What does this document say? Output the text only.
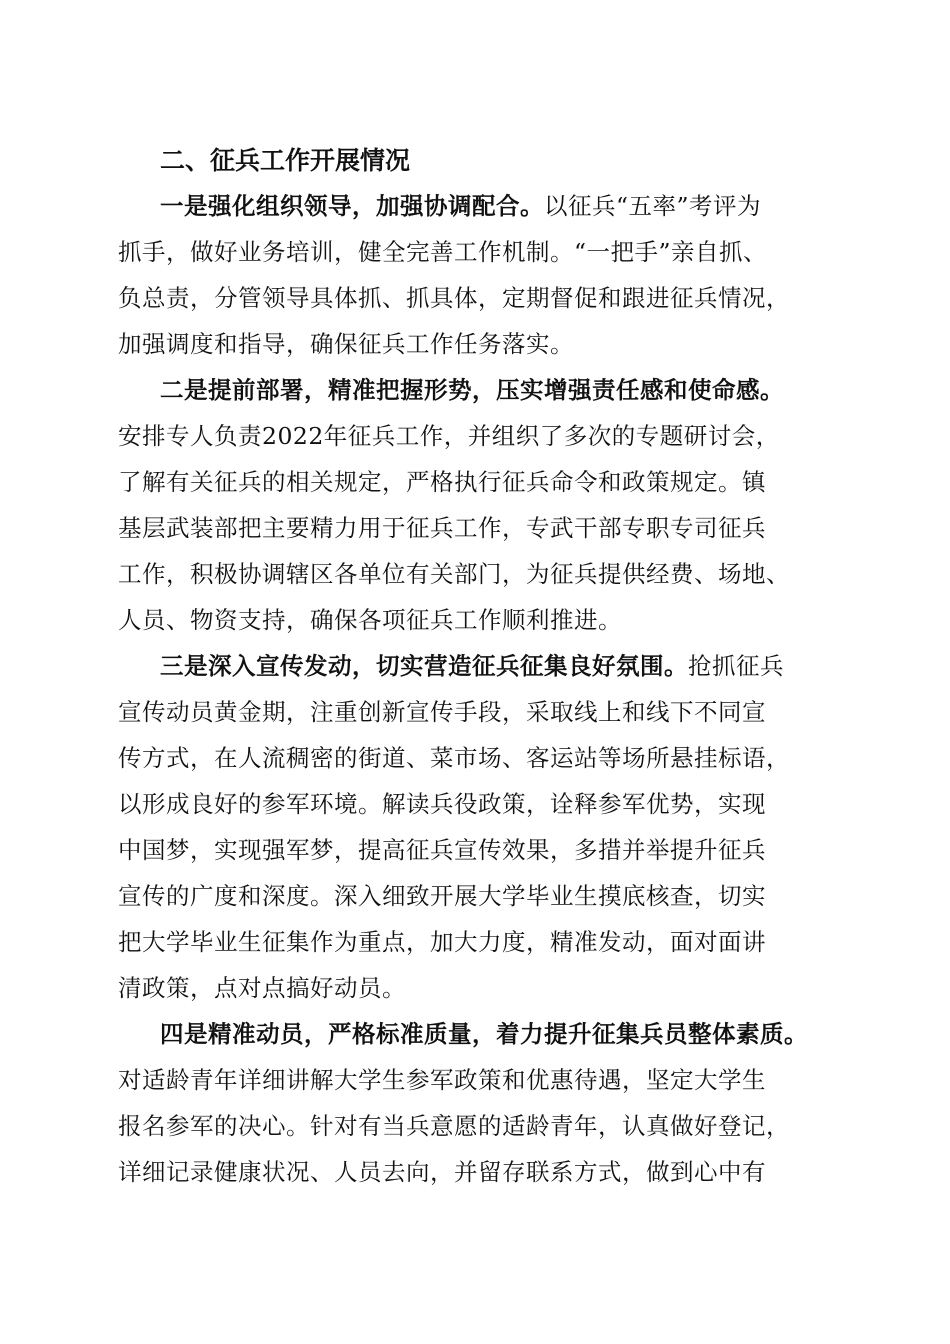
二、征兵工作开展情况
一是强化组织领导，加强协调配合。以征兵“五率”考评为
抓手，做好业务培训，健全完善工作机制。“一把手”亲自抓、
负总责，分管领导具体抓、抓具体，定期督促和跟进征兵情况，
加强调度和指导，确保征兵工作任务落实。
二是提前部署，精准把握形势，压实增强责任感和使命感。
安排专人负责2022年征兵工作，并组织了多次的专题研讨会，
了解有关征兵的相关规定，严格执行征兵命令和政策规定。镇
基层武装部把主要精力用于征兵工作，专武干部专职专司征兵
工作，积极协调辖区各单位有关部门，为征兵提供经费、场地、
人员、物资支持，确保各项征兵工作顺利推进。
三是深入宣传发动，切实营造征兵征集良好氛围。抢抓征兵
宣传动员黄金期，注重创新宣传手段，采取线上和线下不同宣
传方式，在人流稠密的街道、菜市场、客运站等场所悬挂标语，
以形成良好的参军环境。解读兵役政策，诠释参军优势，实现
中国梦，实现强军梦，提高征兵宣传效果，多措并举提升征兵
宣传的广度和深度。深入细致开展大学毕业生摸底核查，切实
把大学毕业生征集作为重点，加大力度，精准发动，面对面讲
清政策，点对点搞好动员。
四是精准动员，严格标准质量，着力提升征集兵员整体素质。
对适龄青年详细讲解大学生参军政策和优惠待遇，坚定大学生
报名参军的决心。针对有当兵意愿的适龄青年，认真做好登记，
详细记录健康状况、人员去向，并留存联系方式，做到心中有
